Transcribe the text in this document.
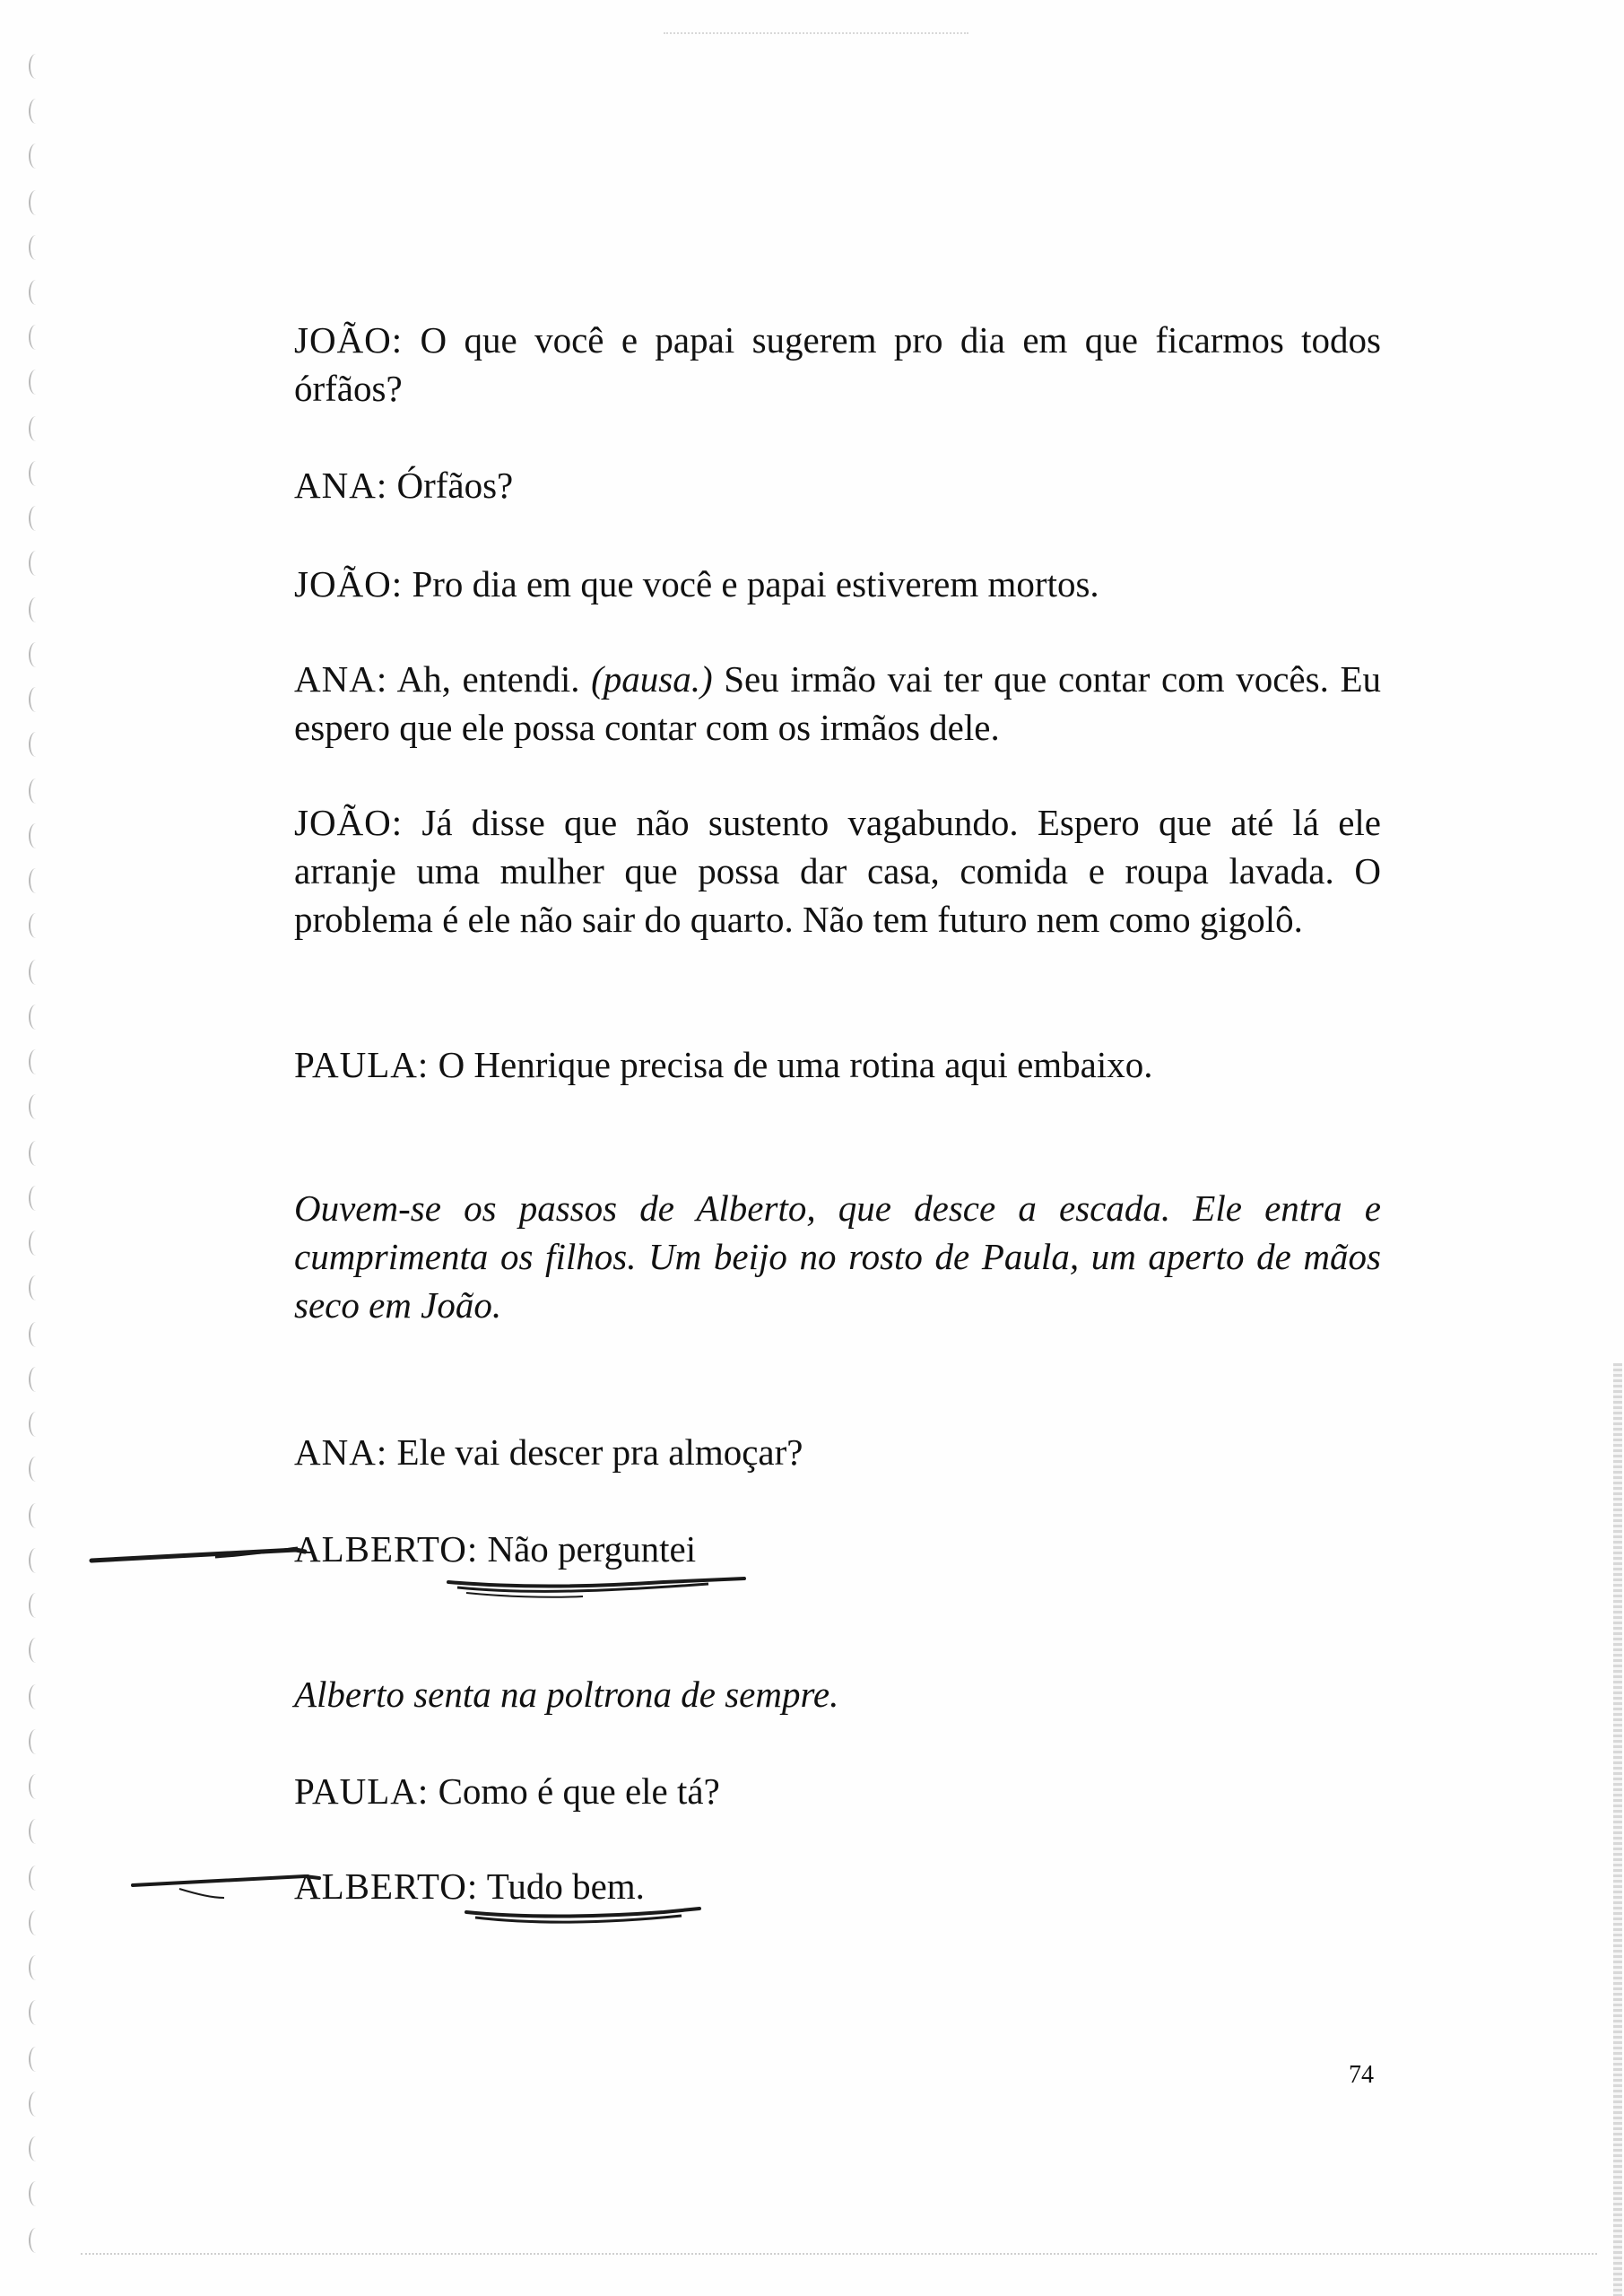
JOÃO: O que você e papai sugerem pro dia em que ficarmos todos órfãos?

ANA: Órfãos?

JOÃO: Pro dia em que você e papai estiverem mortos.

ANA: Ah, entendi. (pausa.) Seu irmão vai ter que contar com vocês. Eu espero que ele possa contar com os irmãos dele.

JOÃO: Já disse que não sustento vagabundo. Espero que até lá ele arranje uma mulher que possa dar casa, comida e roupa lavada. O problema é ele não sair do quarto. Não tem futuro nem como gigolô.

PAULA: O Henrique precisa de uma rotina aqui embaixo.

Ouvem-se os passos de Alberto, que desce a escada. Ele entra e cumprimenta os filhos. Um beijo no rosto de Paula, um aperto de mãos seco em João.

ANA: Ele vai descer pra almoçar?

ALBERTO: Não perguntei

Alberto senta na poltrona de sempre.

PAULA: Como é que ele tá?

ALBERTO: Tudo bem.

74
